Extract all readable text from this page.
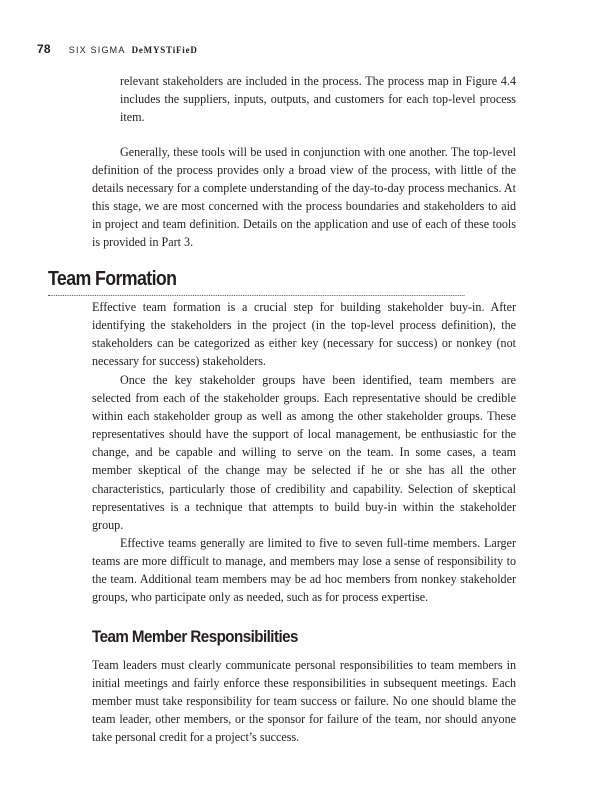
78 SIX SIGMA DeMYSTiFieD

relevant stakeholders are included in the process. The process map in Figure 4.4 includes the suppliers, inputs, outputs, and customers for each top-level process item.

Generally, these tools will be used in conjunction with one another. The top-level definition of the process provides only a broad view of the process, with little of the details necessary for a complete understanding of the day-to-day process mechanics. At this stage, we are most concerned with the process boundaries and stakeholders to aid in project and team definition. Details on the application and use of each of these tools is provided in Part 3.

Team Formation

Effective team formation is a crucial step for building stakeholder buy-in. After identifying the stakeholders in the project (in the top-level process definition), the stakeholders can be categorized as either key (necessary for success) or nonkey (not necessary for success) stakeholders.

Once the key stakeholder groups have been identified, team members are selected from each of the stakeholder groups. Each representative should be credible within each stakeholder group as well as among the other stakeholder groups. These representatives should have the support of local management, be enthusiastic for the change, and be capable and willing to serve on the team. In some cases, a team member skeptical of the change may be selected if he or she has all the other characteristics, particularly those of credibility and capability. Selection of skeptical representatives is a technique that attempts to build buy-in within the stakeholder group.

Effective teams generally are limited to five to seven full-time members. Larger teams are more difficult to manage, and members may lose a sense of responsibility to the team. Additional team members may be ad hoc members from nonkey stakeholder groups, who participate only as needed, such as for process expertise.

Team Member Responsibilities

Team leaders must clearly communicate personal responsibilities to team members in initial meetings and fairly enforce these responsibilities in subsequent meetings. Each member must take responsibility for team success or failure. No one should blame the team leader, other members, or the sponsor for failure of the team, nor should anyone take personal credit for a project’s success.
